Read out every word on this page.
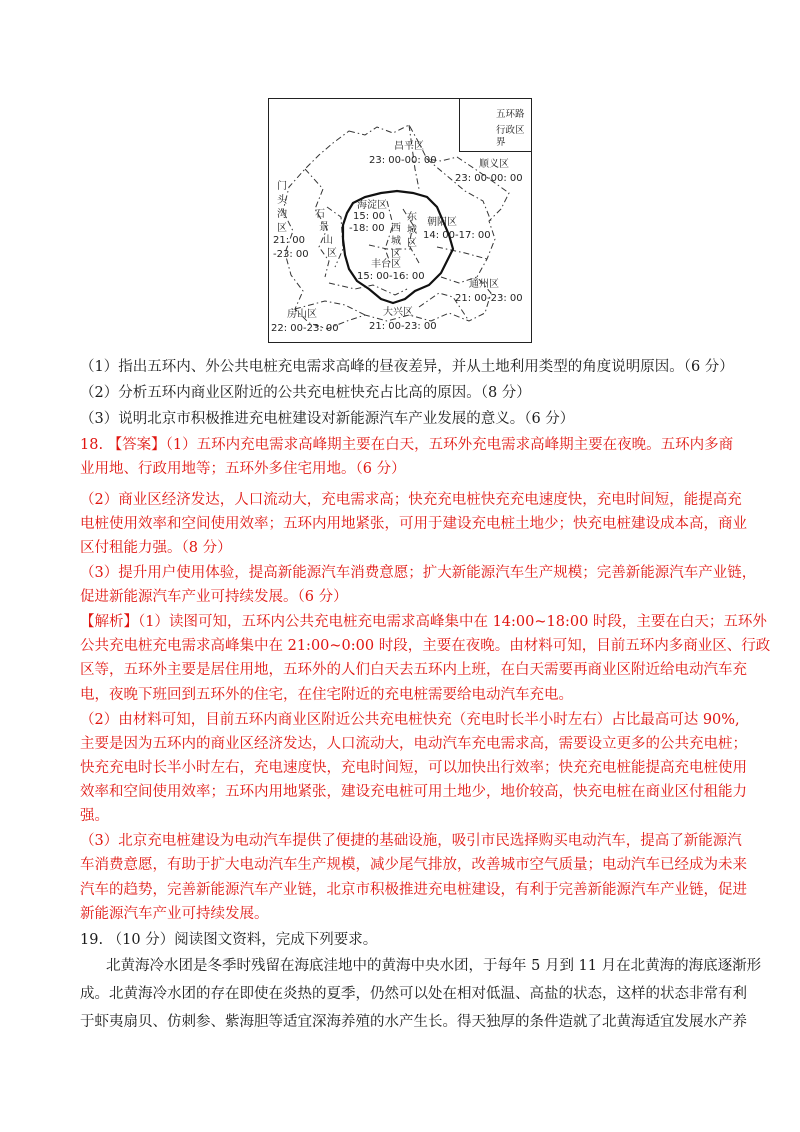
五环路
行政区
界
昌平区
23: 00-00: 00	顺义区
23: 00-00: 00
门
头
沟
区
21: 00
-23: 00
石
景
山
区
海淀区
15: 00
-18: 00 西
城
区
东
城
区
朝阳区
14: 00-17: 00
丰台区
15: 00-16: 00
通州区
21: 00-23: 00
房山区
22: 00-23: 00
大兴区
21: 00-23: 00
（1）指出五环内、外公共电桩充电需求高峰的昼夜差异，并从土地利用类型的角度说明原因。（6 分）
（2）分析五环内商业区附近的公共充电桩快充占比高的原因。（8 分）
（3）说明北京市积极推进充电桩建设对新能源汽车产业发展的意义。（6 分）
18. 【答案】（1）五环内充电需求高峰期主要在白天，五环外充电需求高峰期主要在夜晚。五环内多商
业用地、行政用地等；五环外多住宅用地。（6 分）
（2）商业区经济发达，人口流动大，充电需求高；快充充电桩快充充电速度快，充电时间短，能提高充
电桩使用效率和空间使用效率；五环内用地紧张，可用于建设充电桩土地少；快充电桩建设成本高，商业
区付租能力强。（8 分）
（3）提升用户使用体验，提高新能源汽车消费意愿；扩大新能源汽车生产规模；完善新能源汽车产业链，
促进新能源汽车产业可持续发展。（6 分）
【解析】（1）读图可知，五环内公共充电桩充电需求高峰集中在 14:00~18:00 时段，主要在白天；五环外
公共充电桩充电需求高峰集中在 21:00~0:00 时段，主要在夜晚。由材料可知，目前五环内多商业区、行政
区等，五环外主要是居住用地，五环外的人们白天去五环内上班，在白天需要再商业区附近给电动汽车充
电，夜晚下班回到五环外的住宅，在住宅附近的充电桩需要给电动汽车充电。
（2）由材料可知，目前五环内商业区附近公共充电桩快充（充电时长半小时左右）占比最高可达 90%,
主要是因为五环内的商业区经济发达，人口流动大，电动汽车充电需求高，需要设立更多的公共充电桩；
快充充电时长半小时左右，充电速度快，充电时间短，可以加快出行效率；快充充电桩能提高充电桩使用
效率和空间使用效率；五环内用地紧张，建设充电桩可用土地少，地价较高，快充电桩在商业区付租能力
强。
（3）北京充电桩建设为电动汽车提供了便捷的基础设施，吸引市民选择购买电动汽车，提高了新能源汽
车消费意愿，有助于扩大电动汽车生产规模，减少尾气排放，改善城市空气质量；电动汽车已经成为未来
汽车的趋势，完善新能源汽车产业链，北京市积极推进充电桩建设，有利于完善新能源汽车产业链，促进
新能源汽车产业可持续发展。
19. （10 分）阅读图文资料，完成下列要求。
北黄海冷水团是冬季时残留在海底洼地中的黄海中央水团，于每年 5 月到 11 月在北黄海的海底逐渐形
成。北黄海冷水团的存在即使在炎热的夏季，仍然可以处在相对低温、高盐的状态，这样的状态非常有利
于虾夷扇贝、仿刺参、紫海胆等适宜深海养殖的水产生长。得天独厚的条件造就了北黄海适宜发展水产养
